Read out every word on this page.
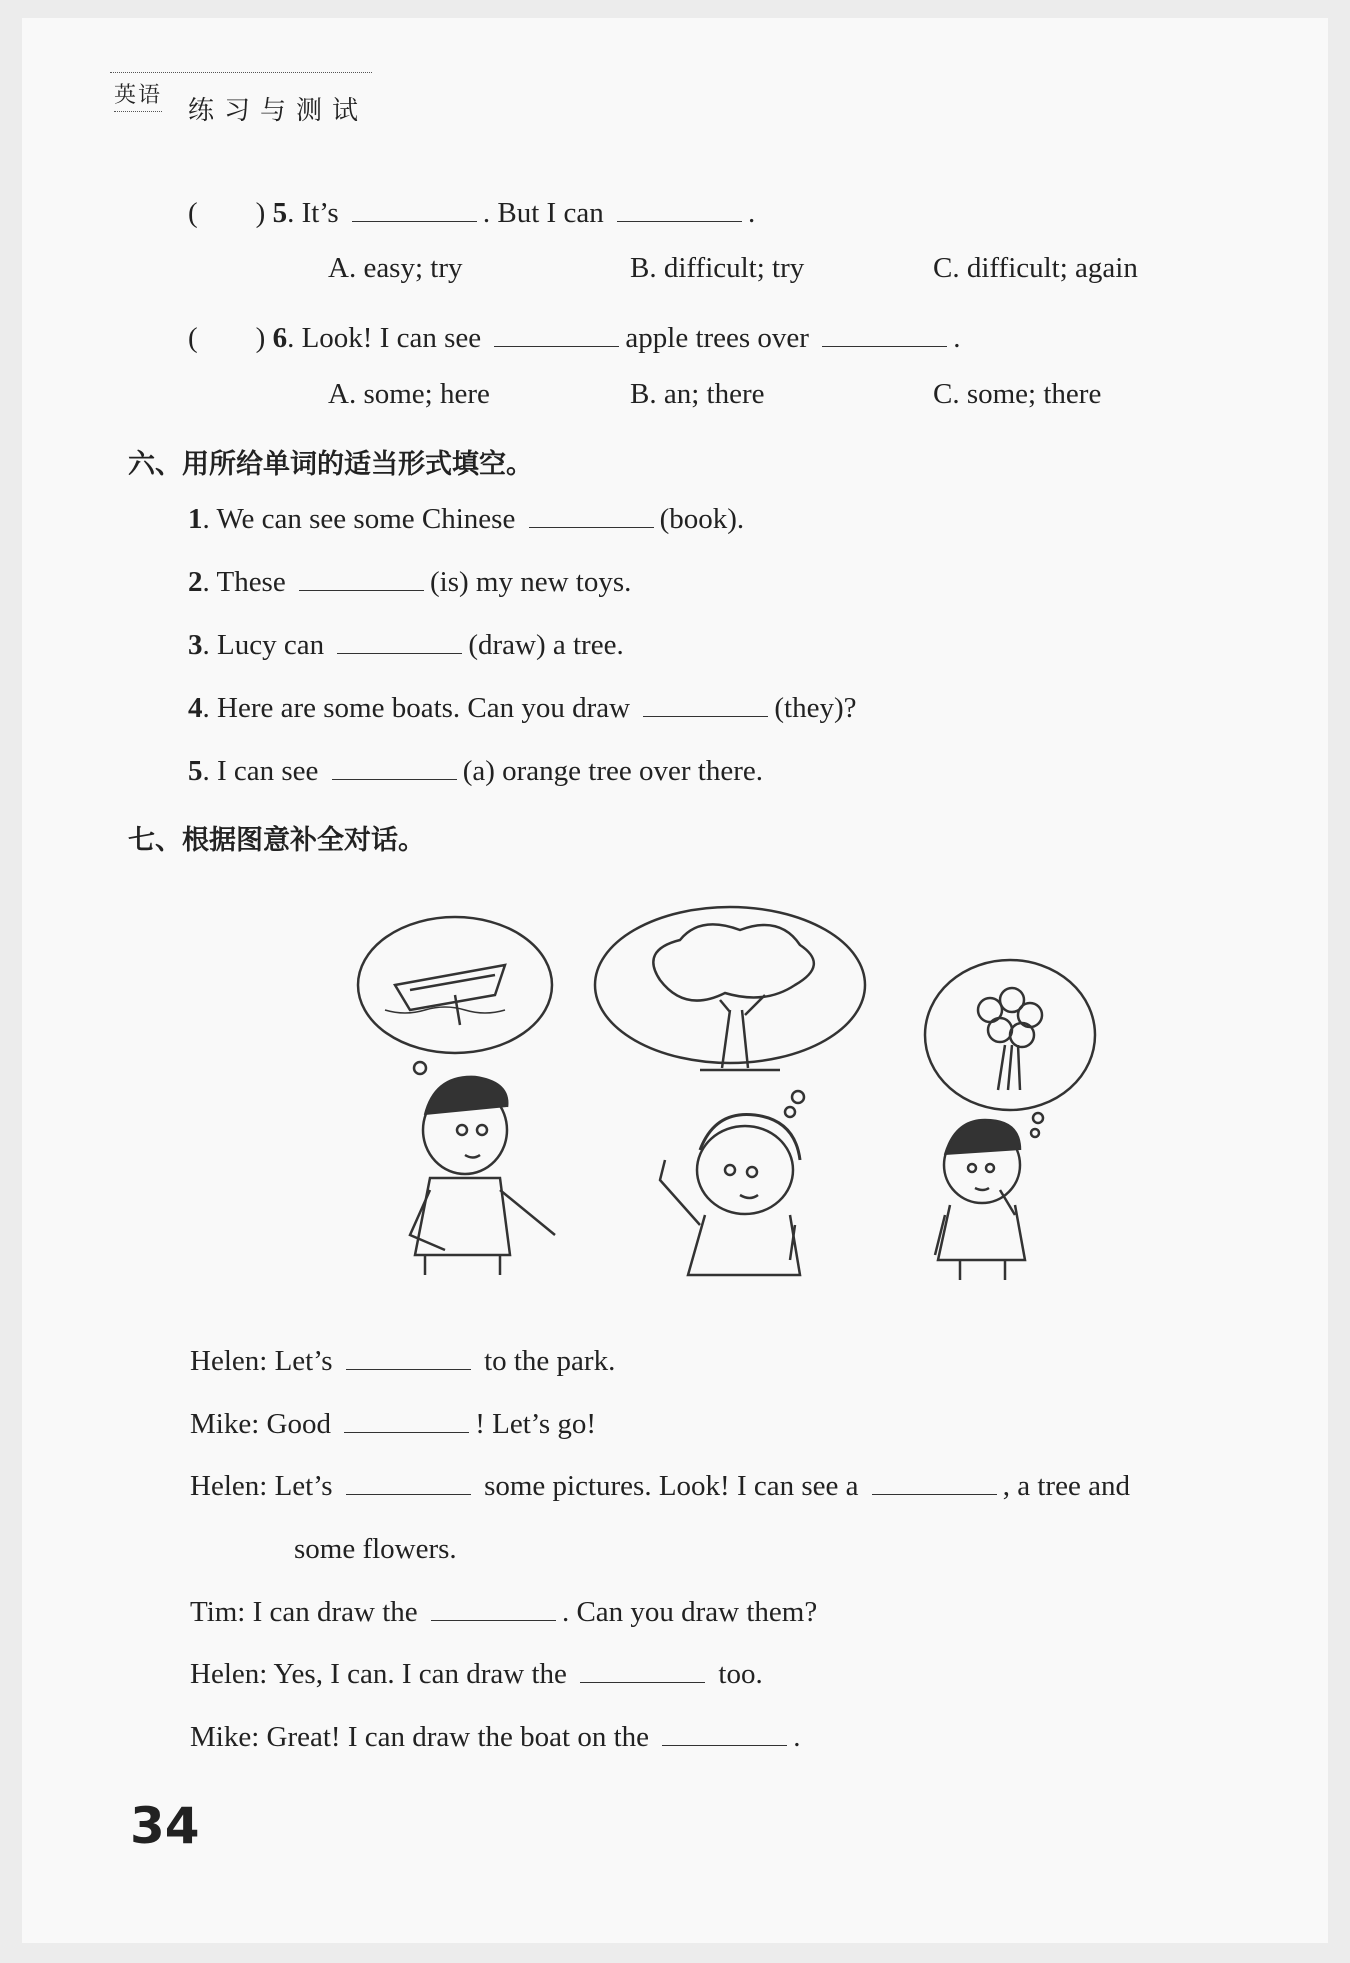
英语
练习与测试
(　　) 5. It’s	. But I can	.
A. easy; try	B. difficult; try	C. difficult; again
(　　) 6. Look! I can see	apple trees over	.
A. some; here	B. an; there	C. some; there
六、用所给单词的适当形式填空。
1. We can see some Chinese	(book).
2. These	(is) my new toys.
3. Lucy can	(draw) a tree.
4. Here are some boats. Can you draw	(they)?
5. I can see	(a) orange tree over there.
七、根据图意补全对话。
Helen: Let’s	to the park.
Mike: Good	! Let’s go!
Helen: Let’s	some pictures. Look! I can see a	, a tree and
some flowers.
Tim: I can draw the	. Can you draw them?
Helen: Yes, I can. I can draw the	too.
Mike: Great! I can draw the boat on the	.
34
